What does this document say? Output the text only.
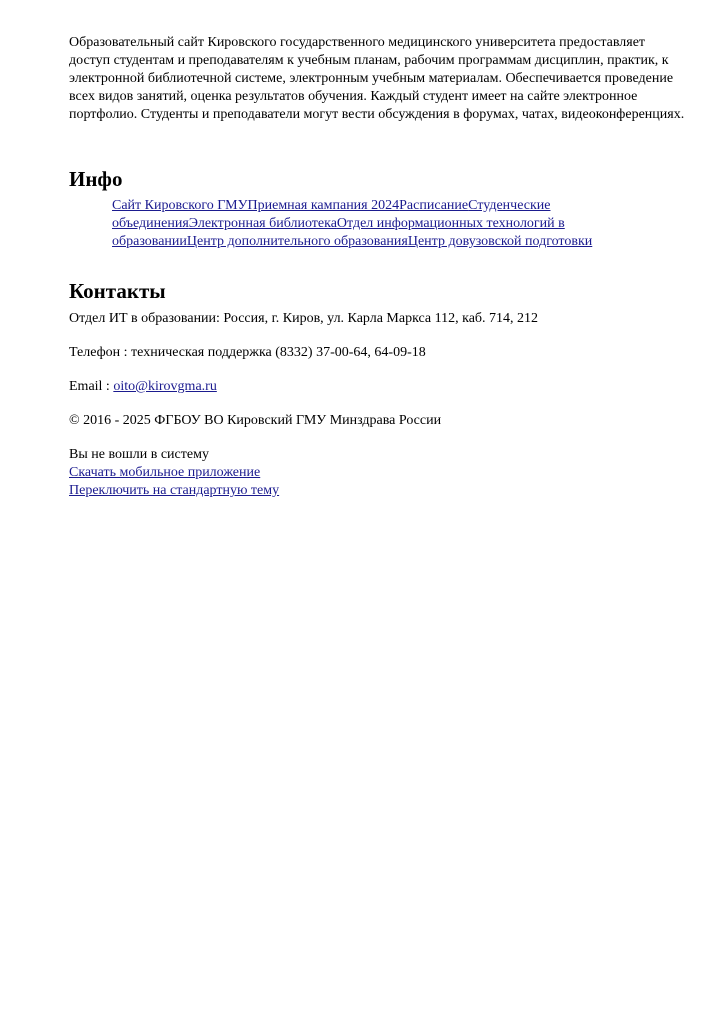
Образовательный сайт Кировского государственного медицинского университета предоставляет доступ студентам и преподавателям к учебным планам, рабочим программам дисциплин, практик, к электронной библиотечной системе, электронным учебным материалам. Обеспечивается проведение всех видов занятий, оценка результатов обучения. Каждый студент имеет на сайте электронное портфолио. Студенты и преподаватели могут вести обсуждения в форумах, чатах, видеоконференциях.

Инфо
Сайт Кировского ГМУПриемная кампания 2024РасписаниеСтуденческие объединенияЭлектронная библиотекаОтдел информационных технологий в образованииЦентр дополнительного образованияЦентр довузовской подготовки
Контакты

Отдел ИТ в образовании: Россия, г. Киров, ул. Карла Маркса 112, каб. 714, 212

Телефон : техническая поддержка (8332) 37-00-64, 64-09-18

Email : oito@kirovgma.ru

© 2016 - 2025 ФГБОУ ВО Кировский ГМУ Минздрава России

Вы не вошли в систему
Скачать мобильное приложение
Переключить на стандартную тему
